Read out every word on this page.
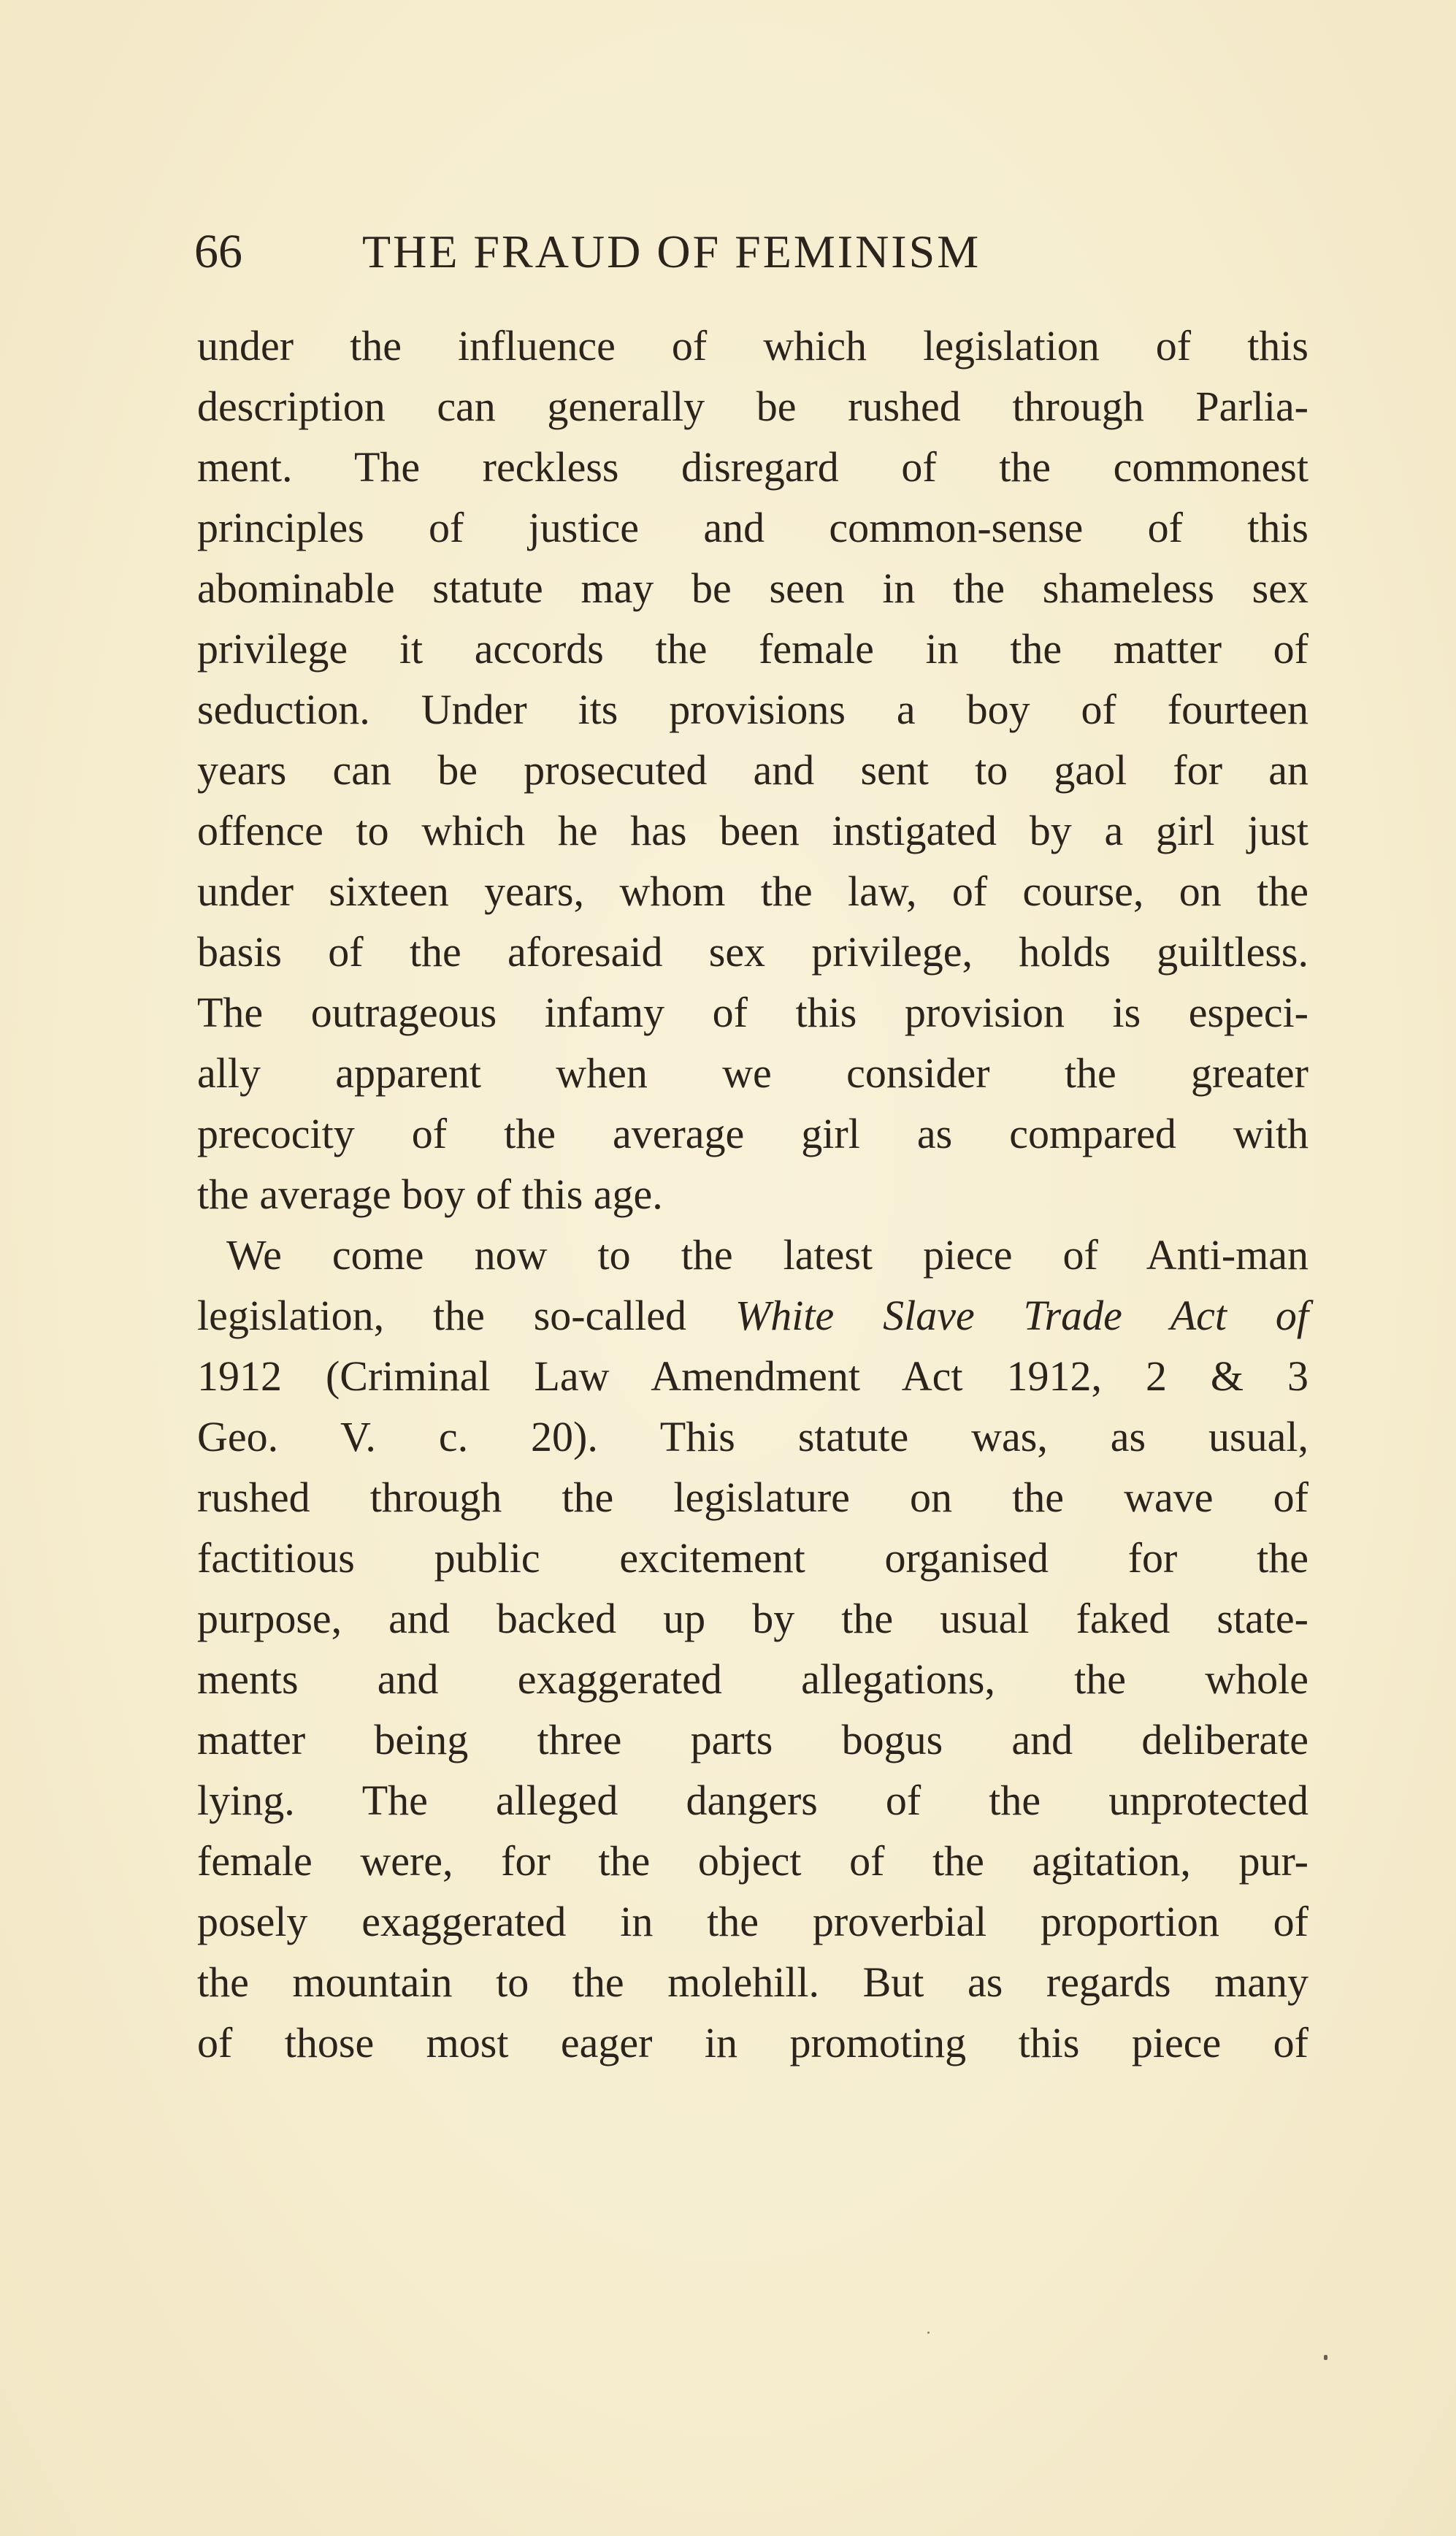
66	THE FRAUD OF FEMINISM
under the influence of which legislation of this
description can generally be rushed through Parlia-
ment. The reckless disregard of the commonest
principles of justice and common-sense of this
abominable statute may be seen in the shameless sex
privilege it accords the female in the matter of
seduction. Under its provisions a boy of fourteen
years can be prosecuted and sent to gaol for an
offence to which he has been instigated by a girl just
under sixteen years, whom the law, of course, on the
basis of the aforesaid sex privilege, holds guiltless.
The outrageous infamy of this provision is especi-
ally apparent when we consider the greater
precocity of the average girl as compared with
the average boy of this age.
We come now to the latest piece of Anti-man
legislation, the so-called White Slave Trade Act of
1912 (Criminal Law Amendment Act 1912, 2 & 3
Geo. V. c. 20). This statute was, as usual,
rushed through the legislature on the wave of
factitious public excitement organised for the
purpose, and backed up by the usual faked state-
ments and exaggerated allegations, the whole
matter being three parts bogus and deliberate
lying. The alleged dangers of the unprotected
female were, for the object of the agitation, pur-
posely exaggerated in the proverbial proportion of
the mountain to the molehill. But as regards many
of those most eager in promoting this piece of
